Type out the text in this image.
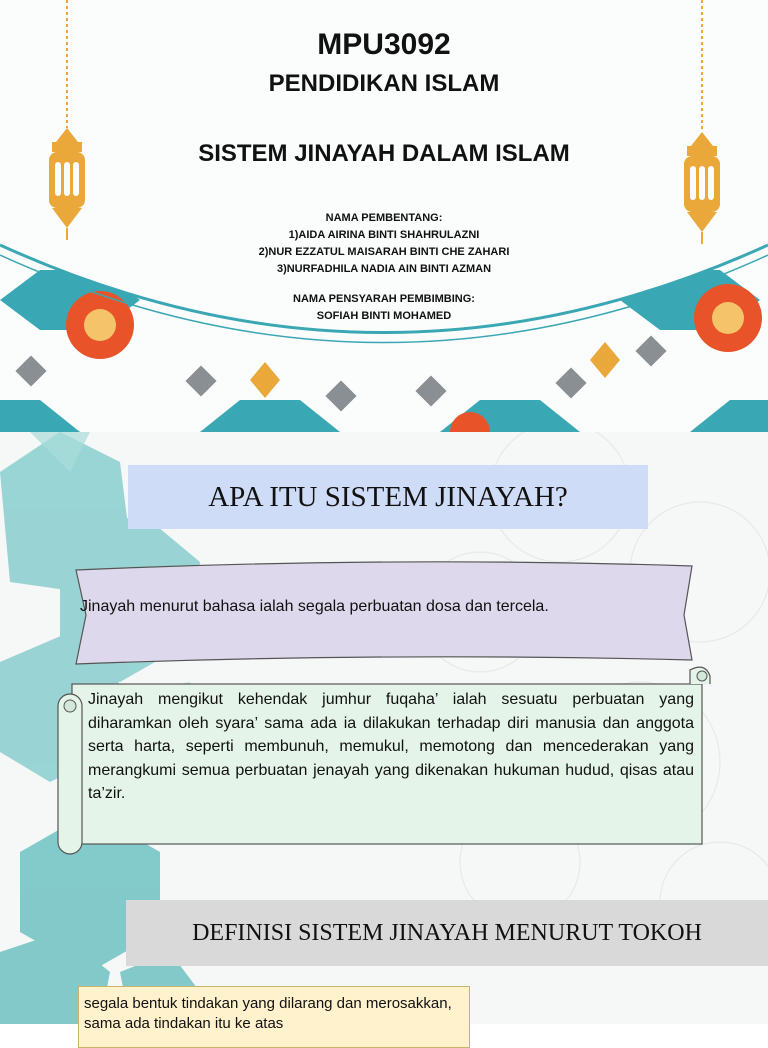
MPU3092
PENDIDIKAN ISLAM
SISTEM JINAYAH DALAM ISLAM
NAMA PEMBENTANG:
1)AIDA AIRINA BINTI SHAHRULAZNI
2)NUR EZZATUL MAISARAH BINTI CHE ZAHARI
3)NURFADHILA NADIA AIN BINTI AZMAN
NAMA PENSYARAH PEMBIMBING:
SOFIAH BINTI MOHAMED
APA ITU SISTEM JINAYAH?
Jinayah menurut bahasa ialah segala perbuatan dosa dan tercela.
Jinayah mengikut kehendak jumhur fuqaha’ ialah sesuatu perbuatan yang diharamkan oleh syara’ sama ada ia dilakukan terhadap diri manusia dan anggota serta harta, seperti membunuh, memukul, memotong dan mencederakan yang merangkumi semua perbuatan jenayah yang dikenakan hukuman hudud, qisas atau ta’zir.
DEFINISI SISTEM JINAYAH MENURUT TOKOH
segala bentuk tindakan yang dilarang dan merosakkan, sama ada tindakan itu ke atas
